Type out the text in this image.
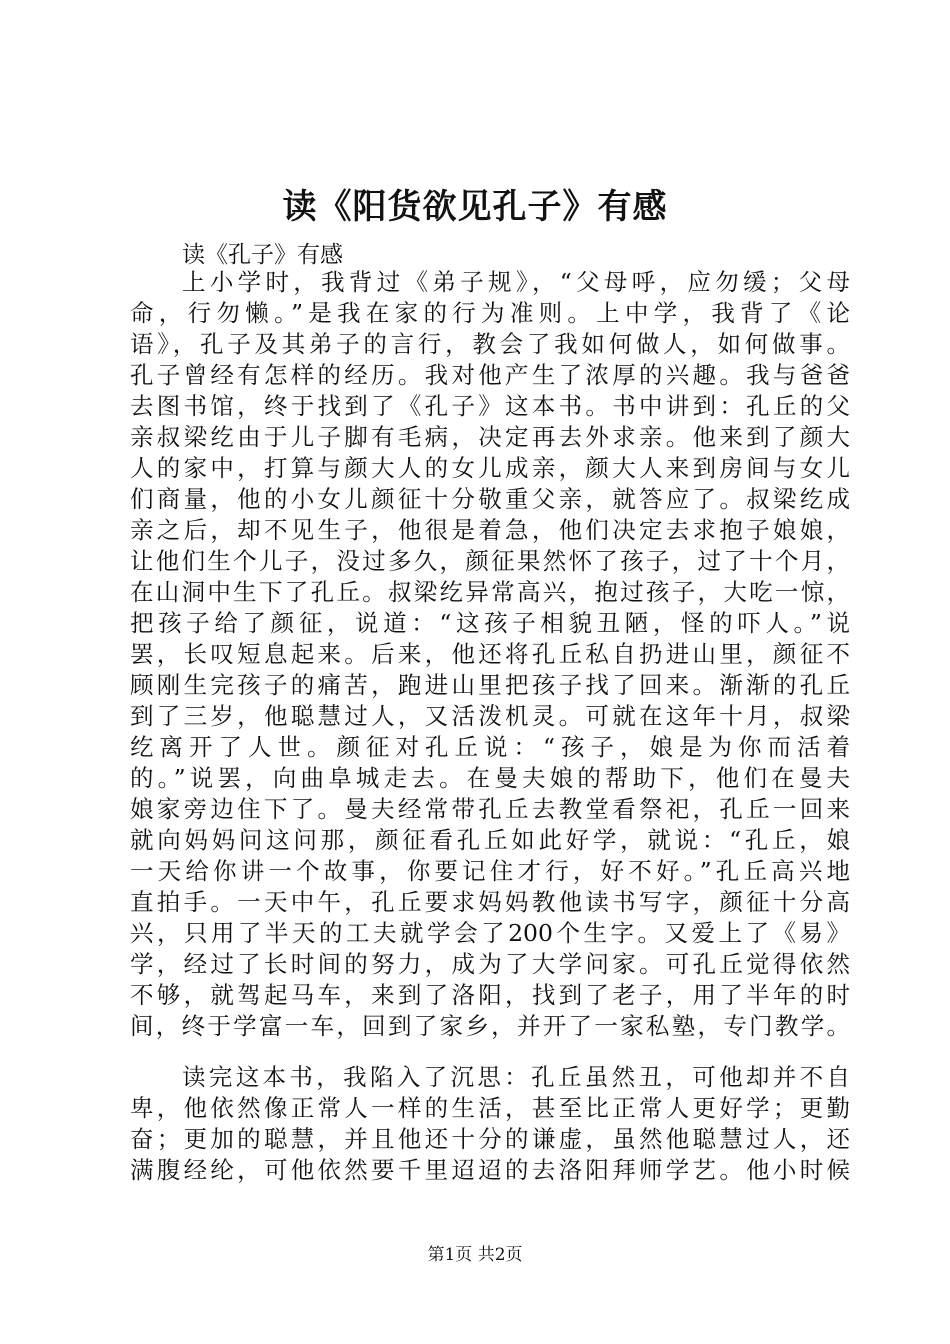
读《阳货欲见孔子》有感
读《孔子》有感
上小学时，我背过《弟子规》，“父母呼，应勿缓；父母
命，行勿懒。”是我在家的行为准则。上中学，我背了《论
语》，孔子及其弟子的言行，教会了我如何做人，如何做事。
孔子曾经有怎样的经历。我对他产生了浓厚的兴趣。我与爸爸
去图书馆，终于找到了《孔子》这本书。书中讲到：孔丘的父
亲叔梁纥由于儿子脚有毛病，决定再去外求亲。他来到了颜大
人的家中，打算与颜大人的女儿成亲，颜大人来到房间与女儿
们商量，他的小女儿颜征十分敬重父亲，就答应了。叔梁纥成
亲之后，却不见生子，他很是着急，他们决定去求抱子娘娘，
让他们生个儿子，没过多久，颜征果然怀了孩子，过了十个月，
在山洞中生下了孔丘。叔梁纥异常高兴，抱过孩子，大吃一惊，
把孩子给了颜征，说道：“这孩子相貌丑陋，怪的吓人。”说
罢，长叹短息起来。后来，他还将孔丘私自扔进山里，颜征不
顾刚生完孩子的痛苦，跑进山里把孩子找了回来。渐渐的孔丘
到了三岁，他聪慧过人，又活泼机灵。可就在这年十月，叔梁
纥离开了人世。颜征对孔丘说：“孩子，娘是为你而活着
的。”说罢，向曲阜城走去。在曼夫娘的帮助下，他们在曼夫
娘家旁边住下了。曼夫经常带孔丘去教堂看祭祀，孔丘一回来
就向妈妈问这问那，颜征看孔丘如此好学，就说：“孔丘，娘
一天给你讲一个故事，你要记住才行，好不好。”孔丘高兴地
直拍手。一天中午，孔丘要求妈妈教他读书写字，颜征十分高
兴，只用了半天的工夫就学会了200个生字。又爱上了《易》
学，经过了长时间的努力，成为了大学问家。可孔丘觉得依然
不够，就驾起马车，来到了洛阳，找到了老子，用了半年的时
间，终于学富一车，回到了家乡，并开了一家私塾，专门教学。
读完这本书，我陷入了沉思：孔丘虽然丑，可他却并不自
卑，他依然像正常人一样的生活，甚至比正常人更好学；更勤
奋；更加的聪慧，并且他还十分的谦虚，虽然他聪慧过人，还
满腹经纶，可他依然要千里迢迢的去洛阳拜师学艺。他小时候
第1页 共2页
